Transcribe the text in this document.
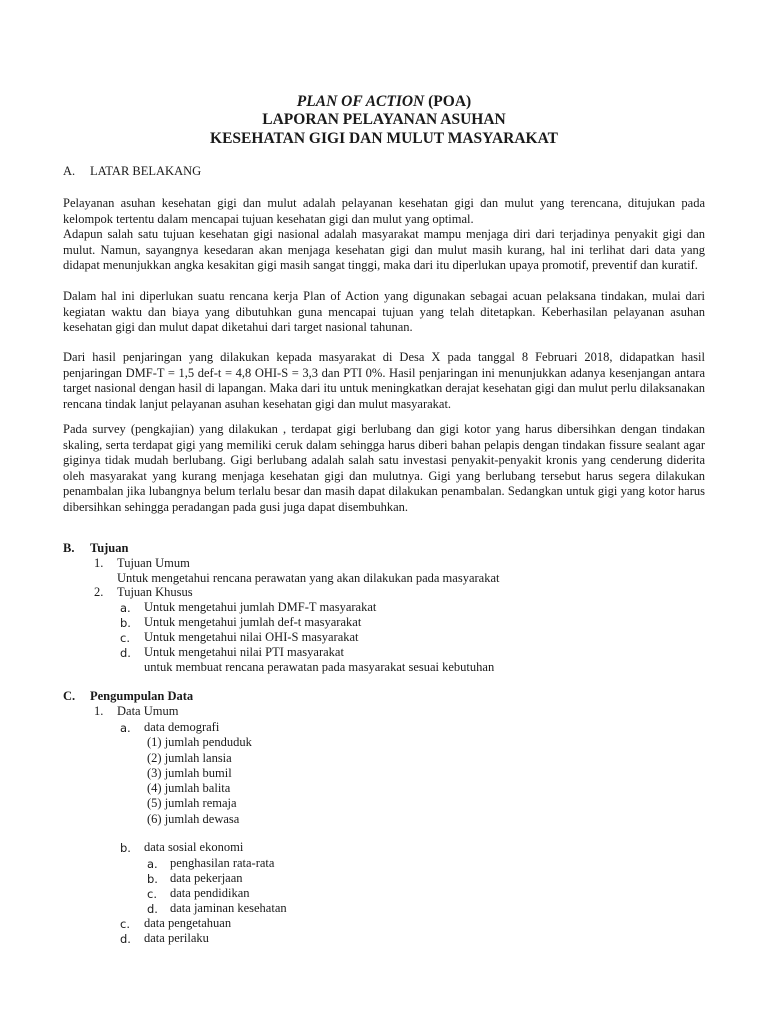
PLAN OF ACTION (POA)
LAPORAN PELAYANAN ASUHAN
KESEHATAN GIGI DAN MULUT MASYARAKAT
A. LATAR BELAKANG
Pelayanan asuhan kesehatan gigi dan mulut adalah pelayanan kesehatan gigi dan mulut yang terencana, ditujukan pada kelompok tertentu dalam mencapai tujuan kesehatan gigi dan mulut yang optimal.
Adapun salah satu tujuan kesehatan gigi nasional adalah masyarakat mampu menjaga diri dari terjadinya penyakit gigi dan mulut. Namun, sayangnya kesedaran akan menjaga kesehatan gigi dan mulut masih kurang, hal ini terlihat dari data yang didapat menunjukkan angka kesakitan gigi masih sangat tinggi, maka dari itu diperlukan upaya promotif, preventif dan kuratif.
Dalam hal ini diperlukan suatu rencana kerja Plan of Action yang digunakan sebagai acuan pelaksana tindakan, mulai dari kegiatan waktu dan biaya yang dibutuhkan guna mencapai tujuan yang telah ditetapkan. Keberhasilan pelayanan asuhan kesehatan gigi dan mulut dapat diketahui dari target nasional tahunan.
Dari hasil penjaringan yang dilakukan kepada masyarakat di Desa X pada tanggal 8 Februari 2018, didapatkan hasil penjaringan DMF-T = 1,5 def-t = 4,8 OHI-S = 3,3 dan PTI 0%. Hasil penjaringan ini menunjukkan adanya kesenjangan antara target nasional dengan hasil di lapangan. Maka dari itu untuk meningkatkan derajat kesehatan gigi dan mulut perlu dilaksanakan rencana tindak lanjut pelayanan asuhan kesehatan gigi dan mulut masyarakat.
Pada survey (pengkajian) yang dilakukan , terdapat gigi berlubang dan gigi kotor yang harus dibersihkan dengan tindakan skaling, serta terdapat gigi yang memiliki ceruk dalam sehingga harus diberi bahan pelapis dengan tindakan fissure sealant agar giginya tidak mudah berlubang. Gigi berlubang adalah salah satu investasi penyakit-penyakit kronis yang cenderung diderita oleh masyarakat yang kurang menjaga kesehatan gigi dan mulutnya. Gigi yang berlubang tersebut harus segera dilakukan penambalan jika lubangnya belum terlalu besar dan masih dapat dilakukan penambalan. Sedangkan untuk gigi yang kotor harus dibersihkan sehingga peradangan pada gusi juga dapat disembuhkan.
B. Tujuan
1. Tujuan Umum
Untuk mengetahui rencana perawatan yang akan dilakukan pada masyarakat
2. Tujuan Khusus
a. Untuk mengetahui jumlah DMF-T masyarakat
b. Untuk mengetahui jumlah def-t masyarakat
c. Untuk mengetahui nilai OHI-S masyarakat
d. Untuk mengetahui nilai PTI masyarakat
untuk membuat rencana perawatan pada masyarakat sesuai kebutuhan
C. Pengumpulan Data
1. Data Umum
a. data demografi
(1) jumlah penduduk
(2) jumlah lansia
(3) jumlah bumil
(4) jumlah balita
(5) jumlah remaja
(6) jumlah dewasa
b. data sosial ekonomi
a. penghasilan rata-rata
b. data pekerjaan
c. data pendidikan
d. data jaminan kesehatan
c. data pengetahuan
d. data perilaku
